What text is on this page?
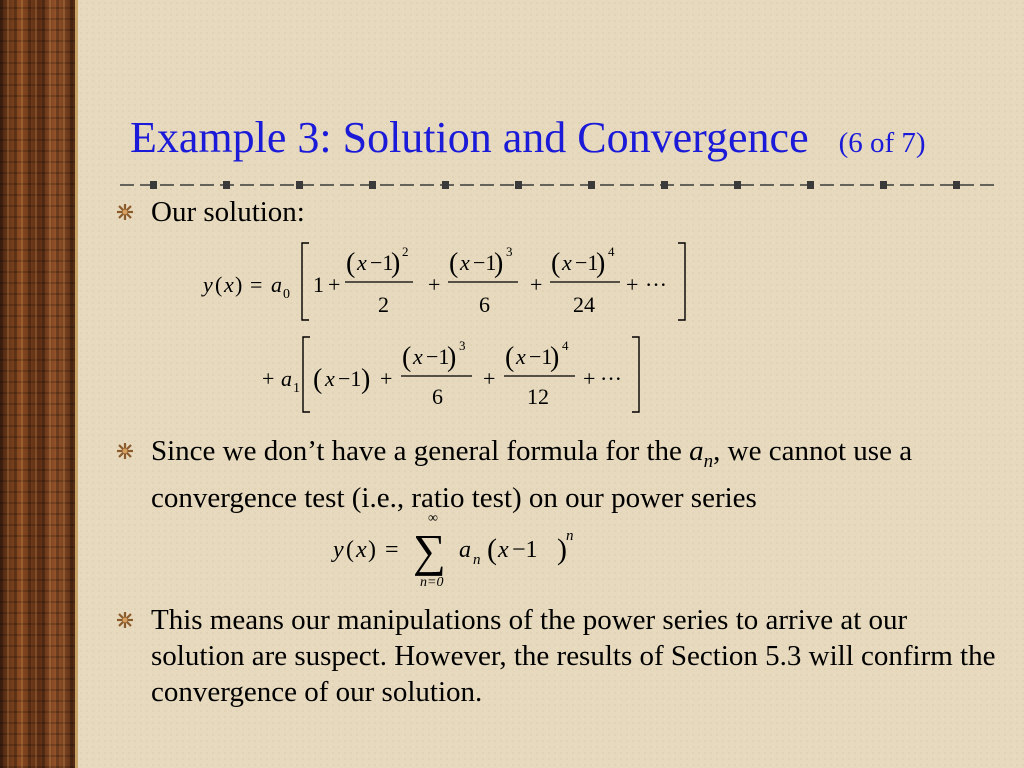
Example 3: Solution and Convergence (6 of 7)
Our solution:
Since we don’t have a general formula for the $a_n$, we cannot use a convergence test (i.e., ratio test) on our power series
This means our manipulations of the power series to arrive at our solution are suspect. However, the results of Section 5.3 will confirm the convergence of our solution.
y ( x ) = a 0 1 +
( x −1
) 2
2
+
( x −1
) 3
6
+
( x −1
) 4
24
+ ···
+ a 1 ( x −1 ) +
( x −1
) 3
6
+
( x −1
) 4
12
+ ···
y ( x ) =
∞
∑
n=0
a n ( x −1 ) n
